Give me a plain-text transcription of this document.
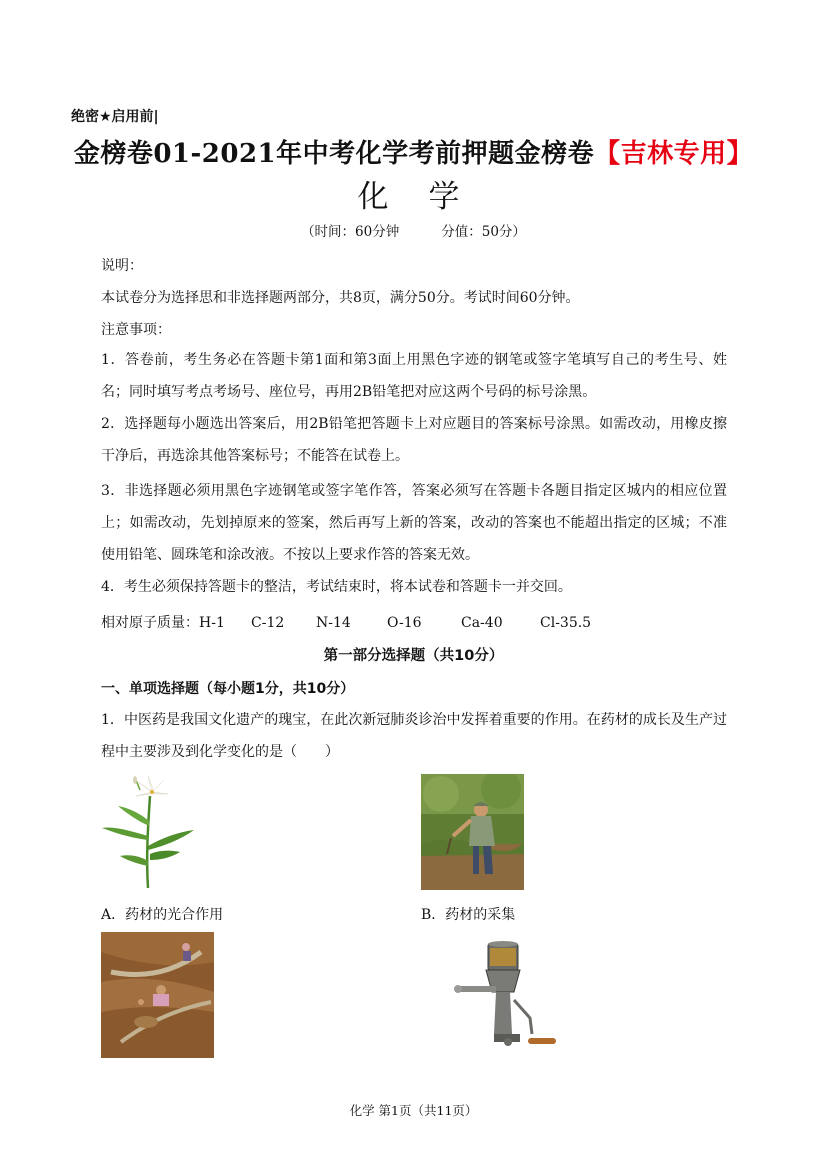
绝密★启用前|
金榜卷01-2021年中考化学考前押题金榜卷【吉林专用】
化学
（时间：60分钟	分值：50分）
说明：
本试卷分为选择思和非选择题两部分，共8页，满分50分。考试时间60分钟。
注意事项：
1．答卷前，考生务必在答题卡第1面和第3面上用黑色字迹的钢笔或签字笔填写自己的考生号、姓名；同时填写考点考场号、座位号，再用2B铅笔把对应这两个号码的标号涂黑。
2．选择题每小题选出答案后，用2B铅笔把答题卡上对应题目的答案标号涂黑。如需改动，用橡皮擦干净后，再选涂其他答案标号；不能答在试卷上。
3．非选择题必须用黑色字迹钢笔或签字笔作答，答案必须写在答题卡各题目指定区城内的相应位置上；如需改动，先划掉原来的签案，然后再写上新的答案，改动的答案也不能超出指定的区城；不准使用铅笔、圆珠笔和涂改液。不按以上要求作答的答案无效。
4．考生必须保持答题卡的整洁，考试结束时，将本试卷和答题卡一并交回。
相对原子质量：H-1 C-12 N-14	O-16	Ca-40	Cl-35.5
第一部分选择题（共10分）
一、单项选择题（每小题1分，共10分）
1．中医药是我国文化遗产的瑰宝，在此次新冠肺炎诊治中发挥着重要的作用。在药材的成长及生产过程中主要涉及到化学变化的是（　　）
A．药材的光合作用	B．药材的采集
化学 第1页（共11页）
